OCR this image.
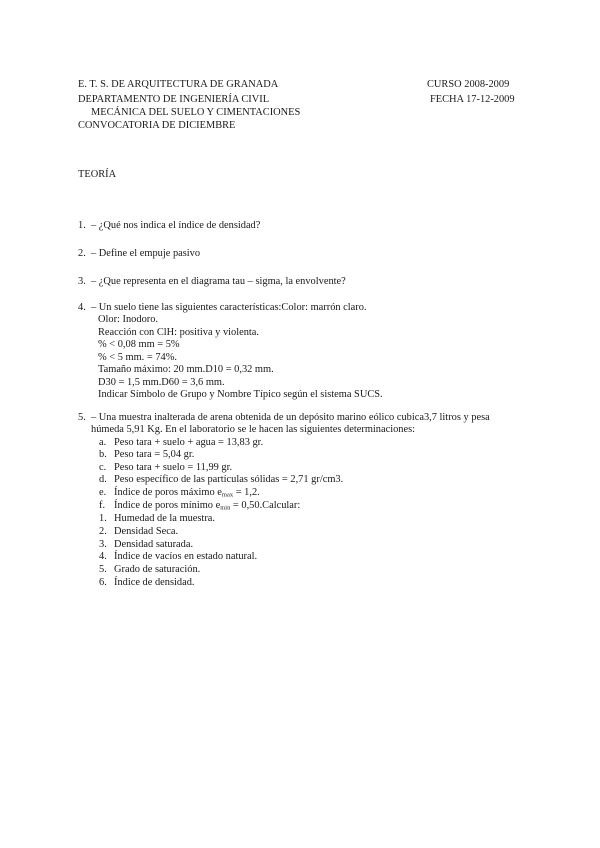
E. T. S. DE ARQUITECTURA DE GRANADA	CURSO 2008-2009
DEPARTAMENTO DE INGENIERÍA CIVIL	FECHA 17-12-2009
MECÁNICA DEL SUELO Y CIMENTACIONES
CONVOCATORIA DE DICIEMBRE
TEORÍA
1. – ¿Qué nos indica el índice de densidad?
2. – Define el empuje pasivo
3. – ¿Que representa en el diagrama tau – sigma, la envolvente?
4. – Un suelo tiene las siguientes características:Color: marrón claro.
Olor: Inodoro.
Reacción con ClH: positiva y violenta.
% < 0,08 mm = 5%
% < 5 mm. = 74%.
Tamaño máximo: 20 mm.D10 = 0,32 mm.
D30 = 1,5 mm.D60 = 3,6 mm.
Indicar Símbolo de Grupo y Nombre Típico según el sistema SUCS.
5. – Una muestra inalterada de arena obtenida de un depósito marino eólico cubica3,7 litros y pesa
húmeda 5,91 Kg. En el laboratorio se le hacen las siguientes determinaciones:
a. Peso tara + suelo + agua = 13,83 gr.
b. Peso tara = 5,04 gr.
c. Peso tara + suelo = 11,99 gr.
d. Peso específico de las partículas sólidas = 2,71 gr/cm3.
e. Índice de poros máximo $e_{max} = 1,2$.
f. Índice de poros mínimo $e_{min}$ = 0,50.Calcular:
1. Humedad de la muestra.
2. Densidad Seca.
3. Densidad saturada.
4. Índice de vacíos en estado natural.
5. Grado de saturación.
6. Índice de densidad.
